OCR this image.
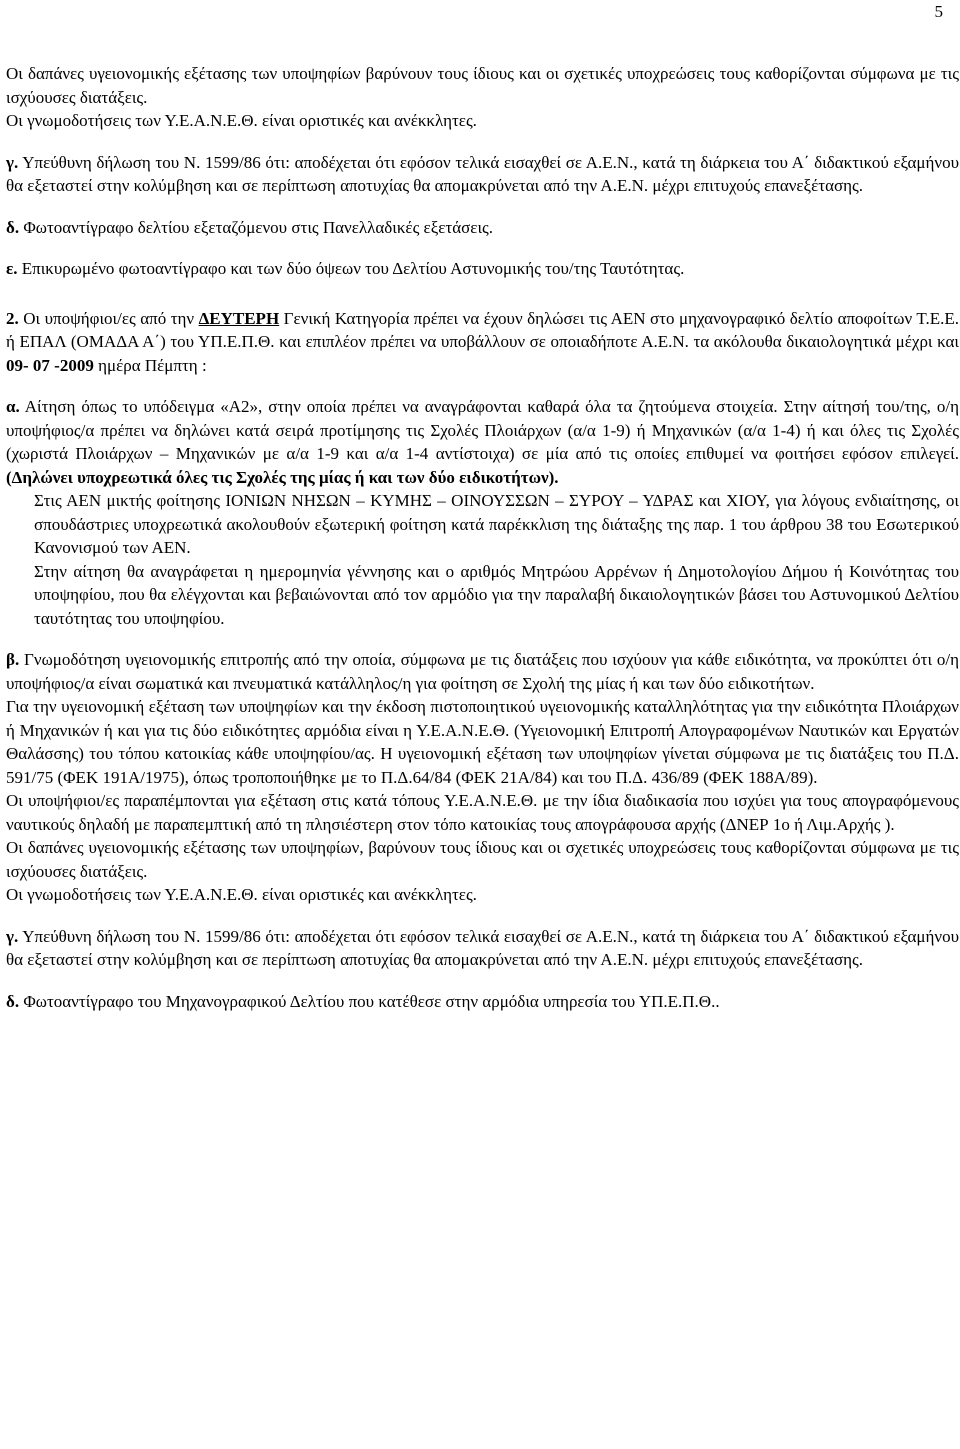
5

Οι δαπάνες υγειονομικής εξέτασης των υποψηφίων βαρύνουν τους ίδιους και οι σχετικές υποχρεώσεις τους καθορίζονται σύμφωνα με τις ισχύουσες διατάξεις.

Οι γνωμοδοτήσεις των Υ.Ε.Α.Ν.Ε.Θ. είναι οριστικές και ανέκκλητες.

γ. Υπεύθυνη δήλωση του Ν. 1599/86 ότι: αποδέχεται ότι εφόσον τελικά εισαχθεί σε Α.Ε.Ν., κατά τη διάρκεια του Α΄ διδακτικού εξαμήνου θα εξεταστεί στην κολύμβηση και σε περίπτωση αποτυχίας θα απομακρύνεται από την Α.Ε.Ν. μέχρι επιτυχούς επανεξέτασης.

δ. Φωτοαντίγραφο δελτίου εξεταζόμενου στις Πανελλαδικές εξετάσεις.

ε. Επικυρωμένο φωτοαντίγραφο και των δύο όψεων του Δελτίου Αστυνομικής του/της Ταυτότητας.

2. Οι υποψήφιοι/ες από την ΔΕΥΤΕΡΗ Γενική Κατηγορία πρέπει να έχουν δηλώσει τις ΑΕΝ στο μηχανογραφικό δελτίο αποφοίτων Τ.Ε.Ε. ή ΕΠΑΛ (ΟΜΑΔΑ Α΄) του ΥΠ.Ε.Π.Θ. και επιπλέον πρέπει να υποβάλλουν σε οποιαδήποτε Α.Ε.Ν. τα ακόλουθα δικαιολογητικά μέχρι και 09- 07 -2009 ημέρα Πέμπτη :

α. Αίτηση όπως το υπόδειγμα «Α2», στην οποία πρέπει να αναγράφονται καθαρά όλα τα ζητούμενα στοιχεία. Στην αίτησή του/της, ο/η υποψήφιος/α πρέπει να δηλώνει κατά σειρά προτίμησης τις Σχολές Πλοιάρχων (α/α 1-9) ή Μηχανικών (α/α 1-4) ή και όλες τις Σχολές (χωριστά Πλοιάρχων – Μηχανικών με α/α 1-9 και α/α 1-4 αντίστοιχα) σε μία από τις οποίες επιθυμεί να φοιτήσει εφόσον επιλεγεί. (Δηλώνει υποχρεωτικά όλες τις Σχολές της μίας ή και των δύο ειδικοτήτων).

Στις ΑΕΝ μικτής φοίτησης ΙΟΝΙΩΝ ΝΗΣΩΝ – ΚΥΜΗΣ – ΟΙΝΟΥΣΣΩΝ – ΣΥΡΟΥ – ΥΔΡΑΣ και ΧΙΟΥ, για λόγους ενδιαίτησης, οι σπουδάστριες υποχρεωτικά ακολουθούν εξωτερική φοίτηση κατά παρέκκλιση της διάταξης της παρ. 1 του άρθρου 38 του Εσωτερικού Κανονισμού των ΑΕΝ.

Στην αίτηση θα αναγράφεται η ημερομηνία γέννησης και ο αριθμός Μητρώου Αρρένων ή Δημοτολογίου Δήμου ή Κοινότητας του υποψηφίου, που θα ελέγχονται και βεβαιώνονται από τον αρμόδιο για την παραλαβή δικαιολογητικών βάσει του Αστυνομικού Δελτίου ταυτότητας του υποψηφίου.

β. Γνωμοδότηση υγειονομικής επιτροπής από την οποία, σύμφωνα με τις διατάξεις που ισχύουν για κάθε ειδικότητα, να προκύπτει ότι ο/η υποψήφιος/α είναι σωματικά και πνευματικά κατάλληλος/η για φοίτηση σε Σχολή της μίας ή και των δύο ειδικοτήτων.

Για την υγειονομική εξέταση των υποψηφίων και την έκδοση πιστοποιητικού υγειονομικής καταλληλότητας για την ειδικότητα Πλοιάρχων ή Μηχανικών ή και για τις δύο ειδικότητες αρμόδια είναι η Υ.Ε.Α.Ν.Ε.Θ. (Υγειονομική Επιτροπή Απογραφομένων Ναυτικών και Εργατών Θαλάσσης) του τόπου κατοικίας κάθε υποψηφίου/ας. Η υγειονομική εξέταση των υποψηφίων γίνεται σύμφωνα με τις διατάξεις του Π.Δ. 591/75 (ΦΕΚ 191Α/1975), όπως τροποποιήθηκε με το Π.Δ.64/84 (ΦΕΚ 21Α/84) και του Π.Δ. 436/89 (ΦΕΚ 188Α/89).

Οι υποψήφιοι/ες παραπέμπονται για εξέταση στις κατά τόπους Υ.Ε.Α.Ν.Ε.Θ. με την ίδια διαδικασία που ισχύει για τους απογραφόμενους ναυτικούς δηλαδή με παραπεμπτική από τη πλησιέστερη στον τόπο κατοικίας τους απογράφουσα αρχής (ΔΝΕΡ 1ο ή Λιμ.Αρχής ).

Οι δαπάνες υγειονομικής εξέτασης των υποψηφίων, βαρύνουν τους ίδιους και οι σχετικές υποχρεώσεις τους καθορίζονται σύμφωνα με τις ισχύουσες διατάξεις.

Οι γνωμοδοτήσεις των Υ.Ε.Α.Ν.Ε.Θ. είναι οριστικές και ανέκκλητες.

γ. Υπεύθυνη δήλωση του Ν. 1599/86 ότι: αποδέχεται ότι εφόσον τελικά εισαχθεί σε Α.Ε.Ν., κατά τη διάρκεια του Α΄ διδακτικού εξαμήνου θα εξεταστεί στην κολύμβηση και σε περίπτωση αποτυχίας θα απομακρύνεται από την Α.Ε.Ν. μέχρι επιτυχούς επανεξέτασης.

δ. Φωτοαντίγραφο του Μηχανογραφικού Δελτίου που κατέθεσε στην αρμόδια υπηρεσία του ΥΠ.Ε.Π.Θ..
